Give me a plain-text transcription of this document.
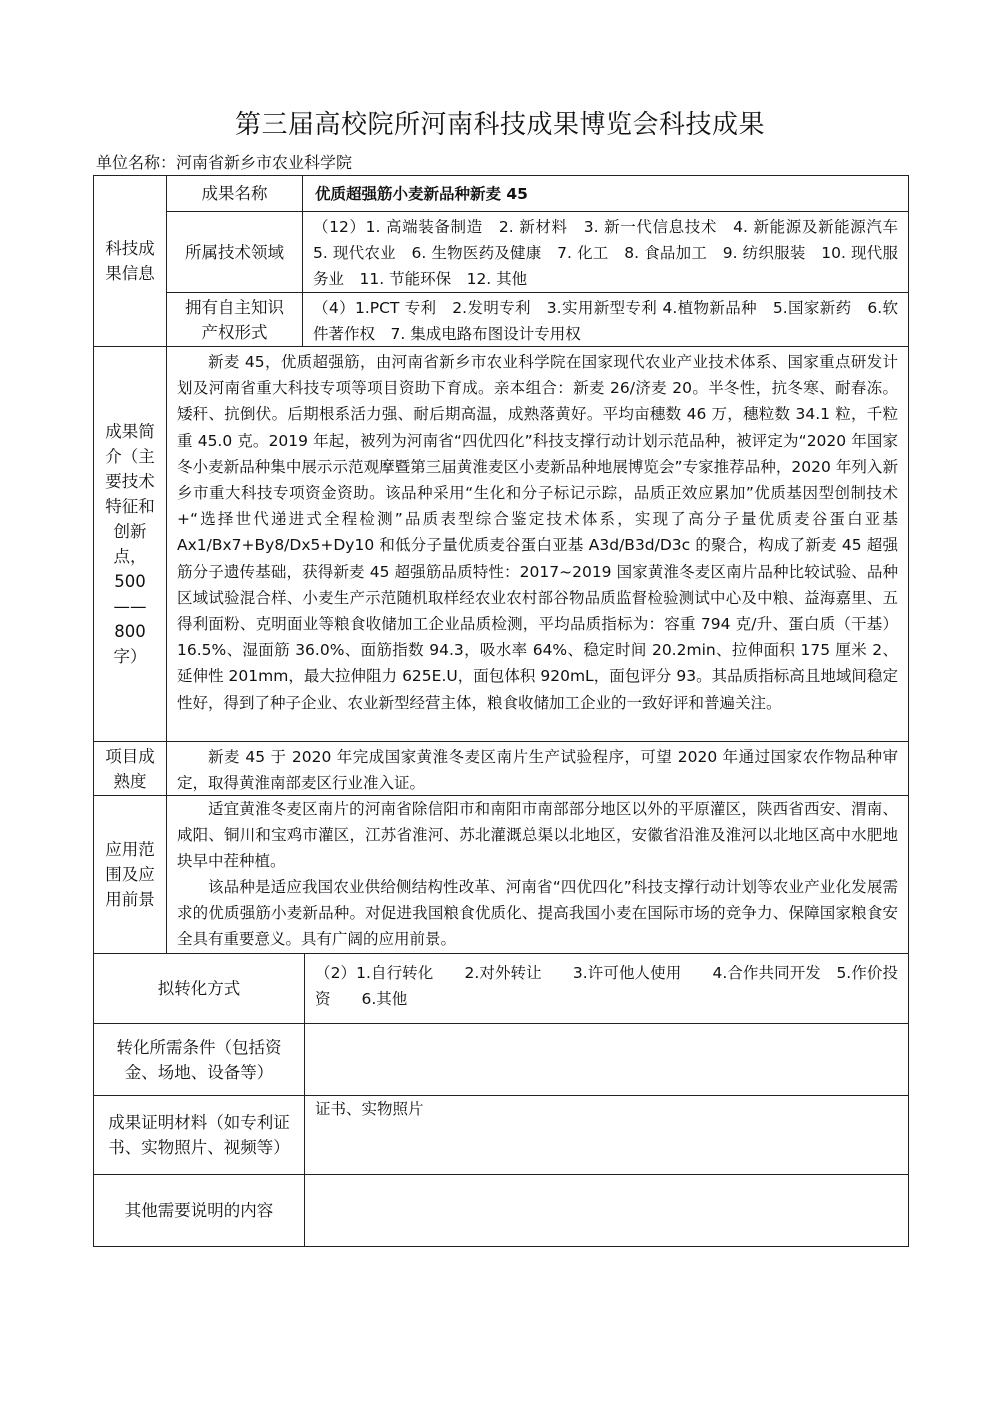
第三届高校院所河南科技成果博览会科技成果
单位名称：河南省新乡市农业科学院
科技成果信息
成果名称	优质超强筋小麦新品种新麦 45
所属技术领域
（12）1. 高端装备制造　2. 新材料　3. 新一代信息技术　4. 新能源及新能源汽车　5. 现代农业　6. 生物医药及健康　7. 化工　8. 食品加工　9. 纺织服装　10. 现代服务业　11. 节能环保　12. 其他
拥有自主知识产权形式
（4）1.PCT 专利　2.发明专利　3.实用新型专利 4.植物新品种　5.国家新药　6.软件著作权　7. 集成电路布图设计专用权
成果简介（主要技术特征和创新点，500——800 字）

新麦 45，优质超强筋，由河南省新乡市农业科学院在国家现代农业产业技术体系、国家重点研发计划及河南省重大科技专项等项目资助下育成。亲本组合：新麦 26/济麦 20。半冬性，抗冬寒、耐春冻。矮秆、抗倒伏。后期根系活力强、耐后期高温，成熟落黄好。平均亩穗数 46 万，穗粒数 34.1 粒，千粒重 45.0 克。2019 年起，被列为河南省“四优四化”科技支撑行动计划示范品种，被评定为“2020 年国家冬小麦新品种集中展示示范观摩暨第三届黄淮麦区小麦新品种地展博览会”专家推荐品种，2020 年列入新乡市重大科技专项资金资助。该品种采用“生化和分子标记示踪，品质正效应累加”优质基因型创制技术+“选择世代递进式全程检测”品质表型综合鉴定技术体系，实现了高分子量优质麦谷蛋白亚基 Ax1/Bx7+By8/Dx5+Dy10 和低分子量优质麦谷蛋白亚基 A3d/B3d/D3c 的聚合，构成了新麦 45 超强筋分子遗传基础，获得新麦 45 超强筋品质特性：2017~2019 国家黄淮冬麦区南片品种比较试验、品种区域试验混合样、小麦生产示范随机取样经农业农村部谷物品质监督检验测试中心及中粮、益海嘉里、五得利面粉、克明面业等粮食收储加工企业品质检测，平均品质指标为：容重 794 克/升、蛋白质（干基）16.5%、湿面筋 36.0%、面筋指数 94.3，吸水率 64%、稳定时间 20.2min、拉伸面积 175 厘米 2、延伸性 201mm，最大拉伸阻力 625E.U，面包体积 920mL，面包评分 93。其品质指标高且地域间稳定性好，得到了种子企业、农业新型经营主体，粮食收储加工企业的一致好评和普遍关注。

项目成熟度

新麦 45 于 2020 年完成国家黄淮冬麦区南片生产试验程序，可望 2020 年通过国家农作物品种审定，取得黄淮南部麦区行业准入证。

应用范围及应用前景

适宜黄淮冬麦区南片的河南省除信阳市和南阳市南部部分地区以外的平原灌区，陕西省西安、渭南、咸阳、铜川和宝鸡市灌区，江苏省淮河、苏北灌溉总渠以北地区，安徽省沿淮及淮河以北地区高中水肥地块早中茬种植。

该品种是适应我国农业供给侧结构性改革、河南省“四优四化”科技支撑行动计划等农业产业化发展需求的优质强筋小麦新品种。对促进我国粮食优质化、提高我国小麦在国际市场的竞争力、保障国家粮食安全具有重要意义。具有广阔的应用前景。

拟转化方式
（2）1.自行转化　　2.对外转让　　3.许可他人使用　　4.合作共同开发　5.作价投资　　6.其他
转化所需条件（包括资金、场地、设备等）
成果证明材料（如专利证书、实物照片、视频等）
证书、实物照片
其他需要说明的内容
